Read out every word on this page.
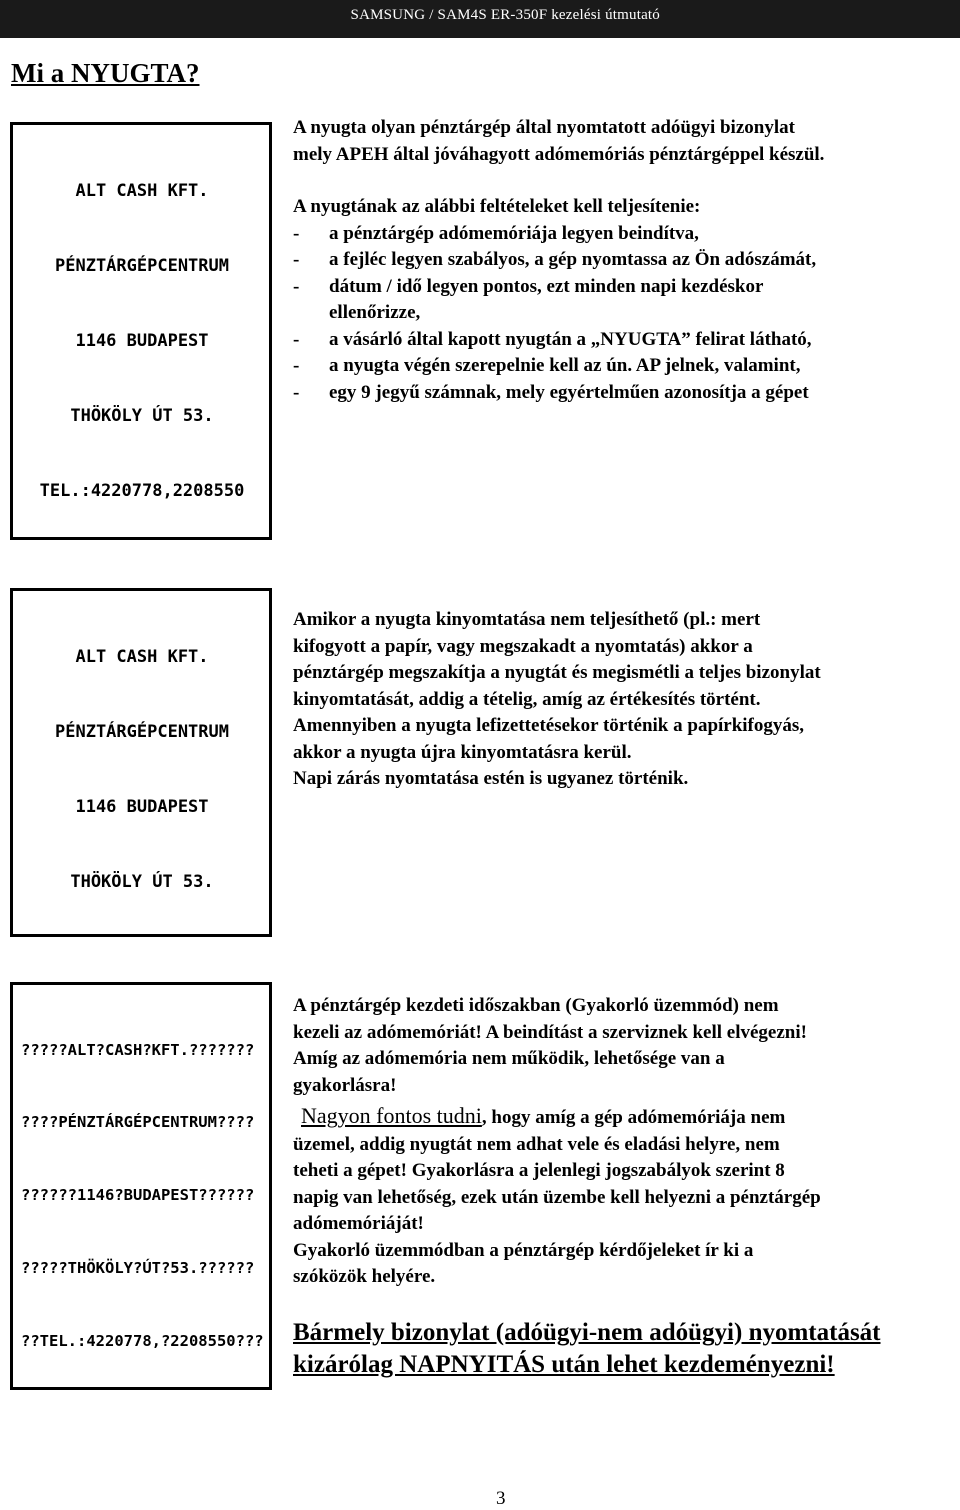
SAMSUNG / SAM4S ER-350F kezelési útmutató
Mi a NYUGTA?

ALT CASH KFT.

PÉNZTÁRGÉPCENTRUM

1146 BUDAPEST

THÖKÖLY ÚT 53.

TEL.:4220778,2208550

A nyugta olyan pénztárgép által nyomtatott adóügyi bizonylat
mely APEH által jóváhagyott adómemóriás pénztárgéppel készül.
A nyugtának az alábbi feltételeket kell teljesítenie:
- a pénztárgép adómemóriája legyen beindítva,
- a fejléc legyen szabályos, a gép nyomtassa az Ön adószámát,
- dátum / idő legyen pontos, ezt minden napi kezdéskor
ellenőrizze,
- a vásárló által kapott nyugtán a „NYUGTA” felirat látható,
- a nyugta végén szerepelnie kell az ún. AP jelnek, valamint,
- egy 9 jegyű számnak, mely egyértelműen azonosítja a gépet

ALT CASH KFT.

PÉNZTÁRGÉPCENTRUM

1146 BUDAPEST

THÖKÖLY ÚT 53.

Amikor a nyugta kinyomtatása nem teljesíthető (pl.: mert
kifogyott a papír, vagy megszakadt a nyomtatás) akkor a
pénztárgép megszakítja a nyugtát és megismétli a teljes bizonylat
kinyomtatását, addig a tételig, amíg az értékesítés történt.
Amennyiben a nyugta lefizettetésekor történik a papírkifogyás,
akkor a nyugta újra kinyomtatásra kerül.
Napi zárás nyomtatása estén is ugyanez történik.

?????ALT?CASH?KFT.???????

????PÉNZTÁRGÉPCENTRUM????

??????1146?BUDAPEST??????

?????THÖKÖLY?ÚT?53.??????

??TEL.:4220778,?2208550???

A pénztárgép kezdeti időszakban (Gyakorló üzemmód) nem
kezeli az adómemóriát! A beindítást a szerviznek kell elvégezni!
Amíg az adómemória nem működik, lehetősége van a
gyakorlásra!
Nagyon fontos tudni, hogy amíg a gép adómemóriája nem
üzemel, addig nyugtát nem adhat vele és eladási helyre, nem
teheti a gépet! Gyakorlásra a jelenlegi jogszabályok szerint 8
napig van lehetőség, ezek után üzembe kell helyezni a pénztárgép
adómemóriáját!
Gyakorló üzemmódban a pénztárgép kérdőjeleket ír ki a
szóközök helyére.
Bármely bizonylat (adóügyi-nem adóügyi) nyomtatását
kizárólag NAPNYITÁS után lehet kezdeményezni!
3
